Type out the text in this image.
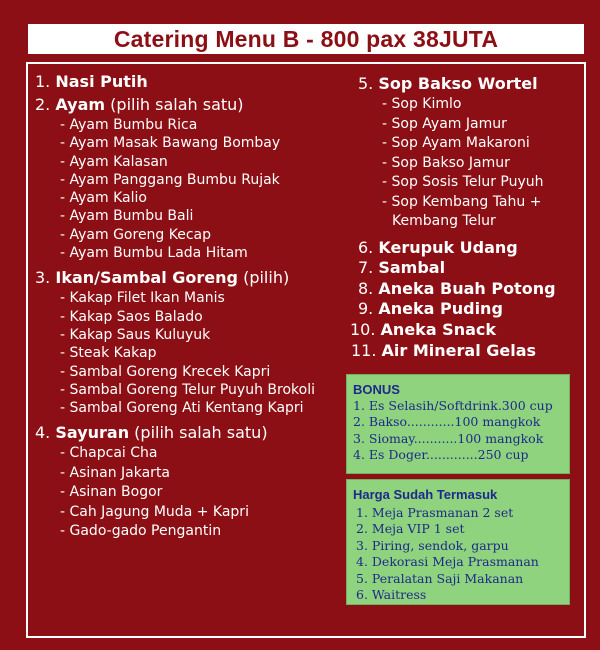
Catering Menu B - 800 pax 38JUTA
1. Nasi Putih
2. Ayam (pilih salah satu)
- Ayam Bumbu Rica
- Ayam Masak Bawang Bombay
- Ayam Kalasan
- Ayam Panggang Bumbu Rujak
- Ayam Kalio
- Ayam Bumbu Bali
- Ayam Goreng Kecap
- Ayam Bumbu Lada Hitam
3. Ikan/Sambal Goreng (pilih)
- Kakap Filet Ikan Manis
- Kakap Saos Balado
- Kakap Saus Kuluyuk
- Steak Kakap
- Sambal Goreng Krecek Kapri
- Sambal Goreng Telur Puyuh Brokoli
- Sambal Goreng Ati Kentang Kapri
4. Sayuran (pilih salah satu)
- Chapcai Cha
- Asinan Jakarta
- Asinan Bogor
- Cah Jagung Muda + Kapri
- Gado-gado Pengantin
5. Sop Bakso Wortel
- Sop Kimlo
- Sop Ayam Jamur
- Sop Ayam Makaroni
- Sop Bakso Jamur
- Sop Sosis Telur Puyuh
- Sop Kembang Tahu +
Kembang Telur
6. Kerupuk Udang
7. Sambal
8. Aneka Buah Potong
9. Aneka Puding
10. Aneka Snack
11. Air Mineral Gelas
BONUS
1. Es Selasih/Softdrink.300 cup
2. Bakso............100 mangkok
3. Siomay...........100 mangkok
4. Es Doger.............250 cup
Harga Sudah Termasuk
1. Meja Prasmanan 2 set
2. Meja VIP 1 set
3. Piring, sendok, garpu
4. Dekorasi Meja Prasmanan
5. Peralatan Saji Makanan
6. Waitress
